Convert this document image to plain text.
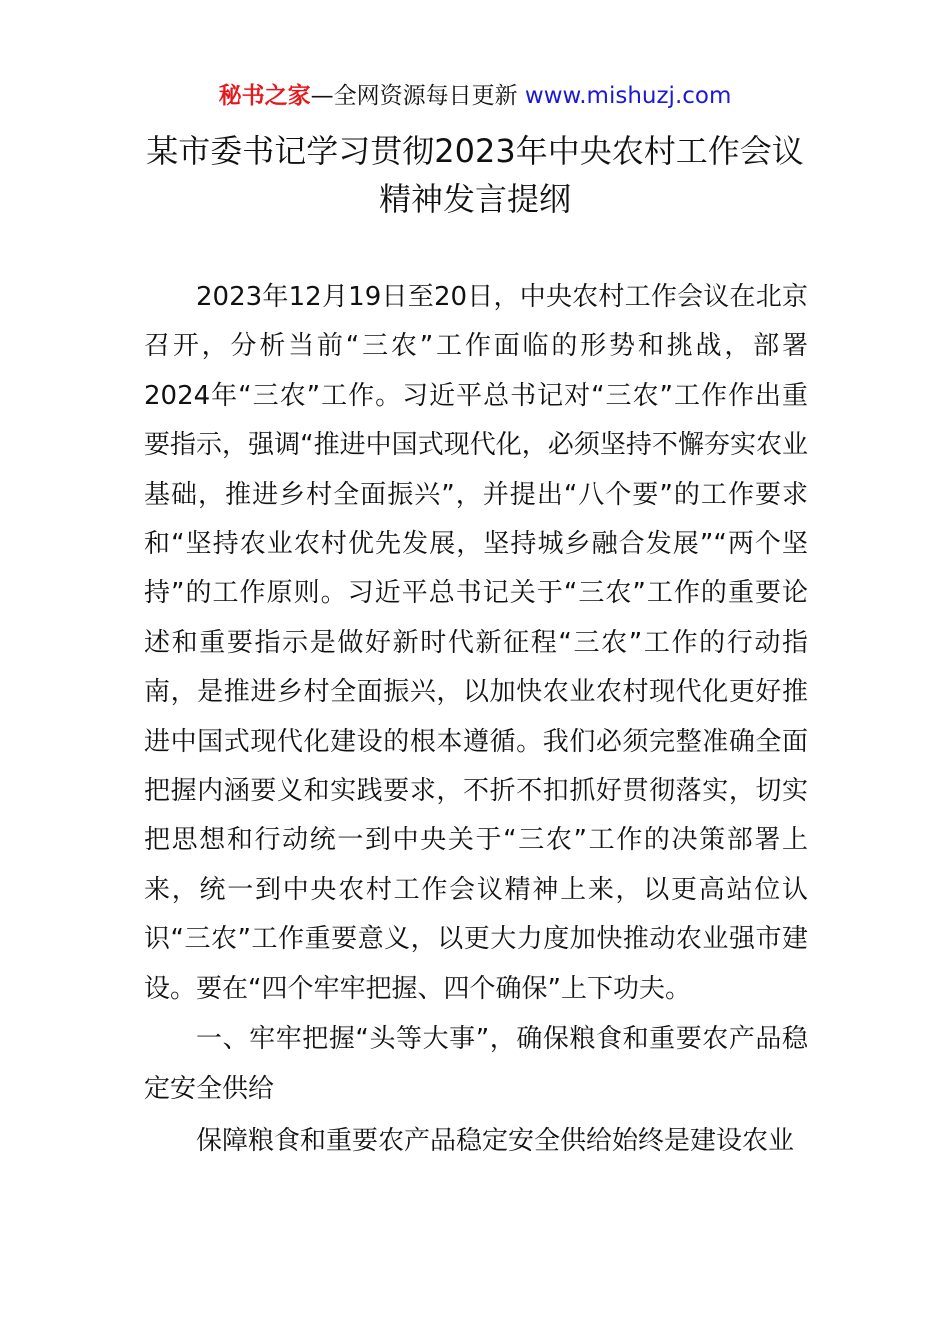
秘书之家—全网资源每日更新 www.mishuzj.com
某市委书记学习贯彻2023年中央农村工作会议
精神发言提纲

2023年12月19日至20日，中央农村工作会议在北京召开，分析当前“三农”工作面临的形势和挑战，部署2024年“三农”工作。习近平总书记对“三农”工作作出重要指示，强调“推进中国式现代化，必须坚持不懈夯实农业基础，推进乡村全面振兴”，并提出“八个要”的工作要求和“坚持农业农村优先发展，坚持城乡融合发展”“两个坚持”的工作原则。习近平总书记关于“三农”工作的重要论述和重要指示是做好新时代新征程“三农”工作的行动指南，是推进乡村全面振兴，以加快农业农村现代化更好推进中国式现代化建设的根本遵循。我们必须完整准确全面把握内涵要义和实践要求，不折不扣抓好贯彻落实，切实把思想和行动统一到中央关于“三农”工作的决策部署上来，统一到中央农村工作会议精神上来，以更高站位认识“三农”工作重要意义，以更大力度加快推动农业强市建设。要在“四个牢牢把握、四个确保”上下功夫。

一、牢牢把握“头等大事”，确保粮食和重要农产品稳定安全供给

保障粮食和重要农产品稳定安全供给始终是建设农业
